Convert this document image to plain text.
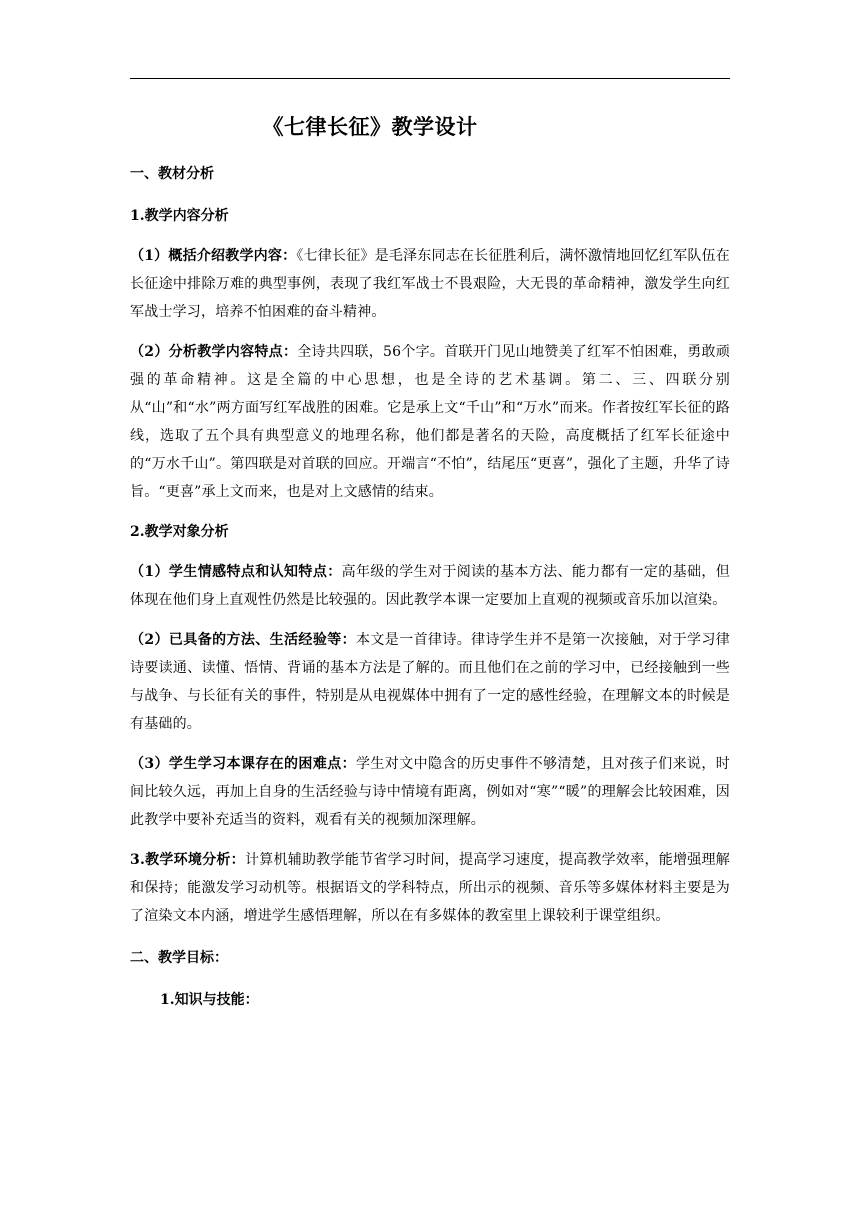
《七律长征》教学设计

一、教材分析

1.教学内容分析

（1）概括介绍教学内容：《七律长征》是毛泽东同志在长征胜利后，满怀激情地回忆红军队伍在长征途中排除万难的典型事例，表现了我红军战士不畏艰险，大无畏的革命精神，激发学生向红军战士学习，培养不怕困难的奋斗精神。

（2）分析教学内容特点：全诗共四联，56个字。首联开门见山地赞美了红军不怕困难，勇敢顽强的革命精神。这是全篇的中心思想，也是全诗的艺术基调。第二、三、四联分别从“山”和“水”两方面写红军战胜的困难。它是承上文“千山”和“万水”而来。作者按红军长征的路线，选取了五个具有典型意义的地理名称，他们都是著名的天险，高度概括了红军长征途中的“万水千山”。第四联是对首联的回应。开端言“不怕”，结尾压“更喜”，强化了主题，升华了诗旨。“更喜”承上文而来，也是对上文感情的结束。

2.教学对象分析

（1）学生情感特点和认知特点：高年级的学生对于阅读的基本方法、能力都有一定的基础，但体现在他们身上直观性仍然是比较强的。因此教学本课一定要加上直观的视频或音乐加以渲染。

（2）已具备的方法、生活经验等：本文是一首律诗。律诗学生并不是第一次接触，对于学习律诗要读通、读懂、悟情、背诵的基本方法是了解的。而且他们在之前的学习中，已经接触到一些与战争、与长征有关的事件，特别是从电视媒体中拥有了一定的感性经验，在理解文本的时候是有基础的。

（3）学生学习本课存在的困难点：学生对文中隐含的历史事件不够清楚，且对孩子们来说，时间比较久远，再加上自身的生活经验与诗中情境有距离，例如对“寒”“暖”的理解会比较困难，因此教学中要补充适当的资料，观看有关的视频加深理解。

3.教学环境分析：计算机辅助教学能节省学习时间，提高学习速度，提高教学效率，能增强理解和保持；能激发学习动机等。根据语文的学科特点，所出示的视频、音乐等多媒体材料主要是为了渲染文本内涵，增进学生感悟理解，所以在有多媒体的教室里上课较利于课堂组织。

二、教学目标：

1.知识与技能：
